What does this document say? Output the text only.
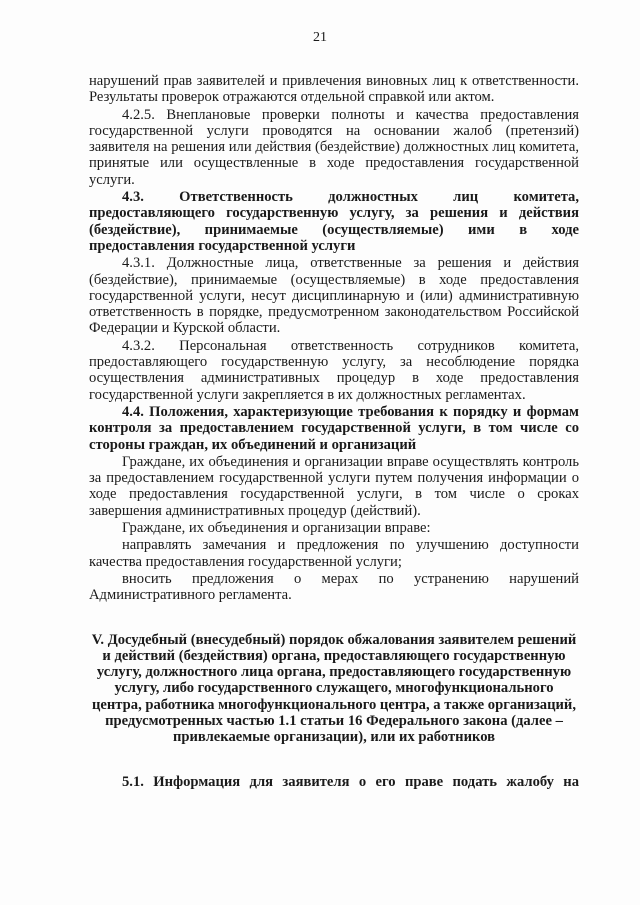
21

нарушений прав заявителей и привлечения виновных лиц к ответственности. Результаты проверок отражаются отдельной справкой или актом.

4.2.5. Внеплановые проверки полноты и качества предоставления государственной услуги проводятся на основании жалоб (претензий) заявителя на решения или действия (бездействие) должностных лиц комитета, принятые или осуществленные в ходе предоставления государственной услуги.

4.3. Ответственность должностных лиц комитета, предоставляющего государственную услугу, за решения и действия (бездействие), принимаемые (осуществляемые) ими в ходе предоставления государственной услуги

4.3.1. Должностные лица, ответственные за решения и действия (бездействие), принимаемые (осуществляемые) в ходе предоставления государственной услуги, несут дисциплинарную и (или) административную ответственность в порядке, предусмотренном законодательством Российской Федерации и Курской области.

4.3.2. Персональная ответственность сотрудников комитета, предоставляющего государственную услугу, за несоблюдение порядка осуществления административных процедур в ходе предоставления государственной услуги закрепляется в их должностных регламентах.

4.4. Положения, характеризующие требования к порядку и формам контроля за предоставлением государственной услуги, в том числе со стороны граждан, их объединений и организаций

Граждане, их объединения и организации вправе осуществлять контроль за предоставлением государственной услуги путем получения информации о ходе предоставления государственной услуги, в том числе о сроках завершения административных процедур (действий).

Граждане, их объединения и организации вправе:

направлять замечания и предложения по улучшению доступности качества предоставления государственной услуги;

вносить предложения о мерах по устранению нарушений Административного регламента.

V. Досудебный (внесудебный) порядок обжалования заявителем решений и действий (бездействия) органа, предоставляющего государственную услугу, должностного лица органа, предоставляющего государственную услугу, либо государственного служащего, многофункционального центра, работника многофункционального центра, а также организаций, предусмотренных частью 1.1 статьи 16 Федерального закона (далее – привлекаемые организации), или их работников

5.1. Информация для заявителя о его праве подать жалобу на
